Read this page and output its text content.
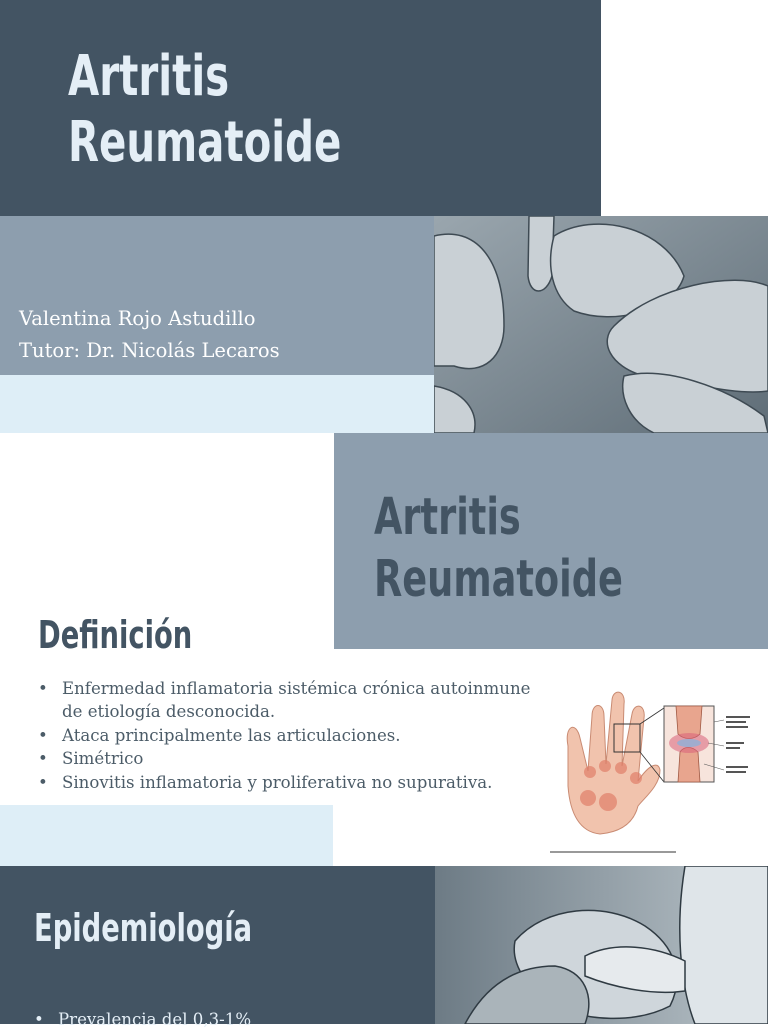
Artritis
Reumatoide
Valentina Rojo Astudillo
Tutor: Dr. Nicolás Lecaros
Artritis
Reumatoide
Definición
• Enfermedad inflamatoria sistémica crónica autoinmune de etiología desconocida.
• Ataca principalmente las articulaciones.
• Simétrico
• Sinovitis inflamatoria y proliferativa no supurativa.
Epidemiología
• Prevalencia del 0,3-1%
